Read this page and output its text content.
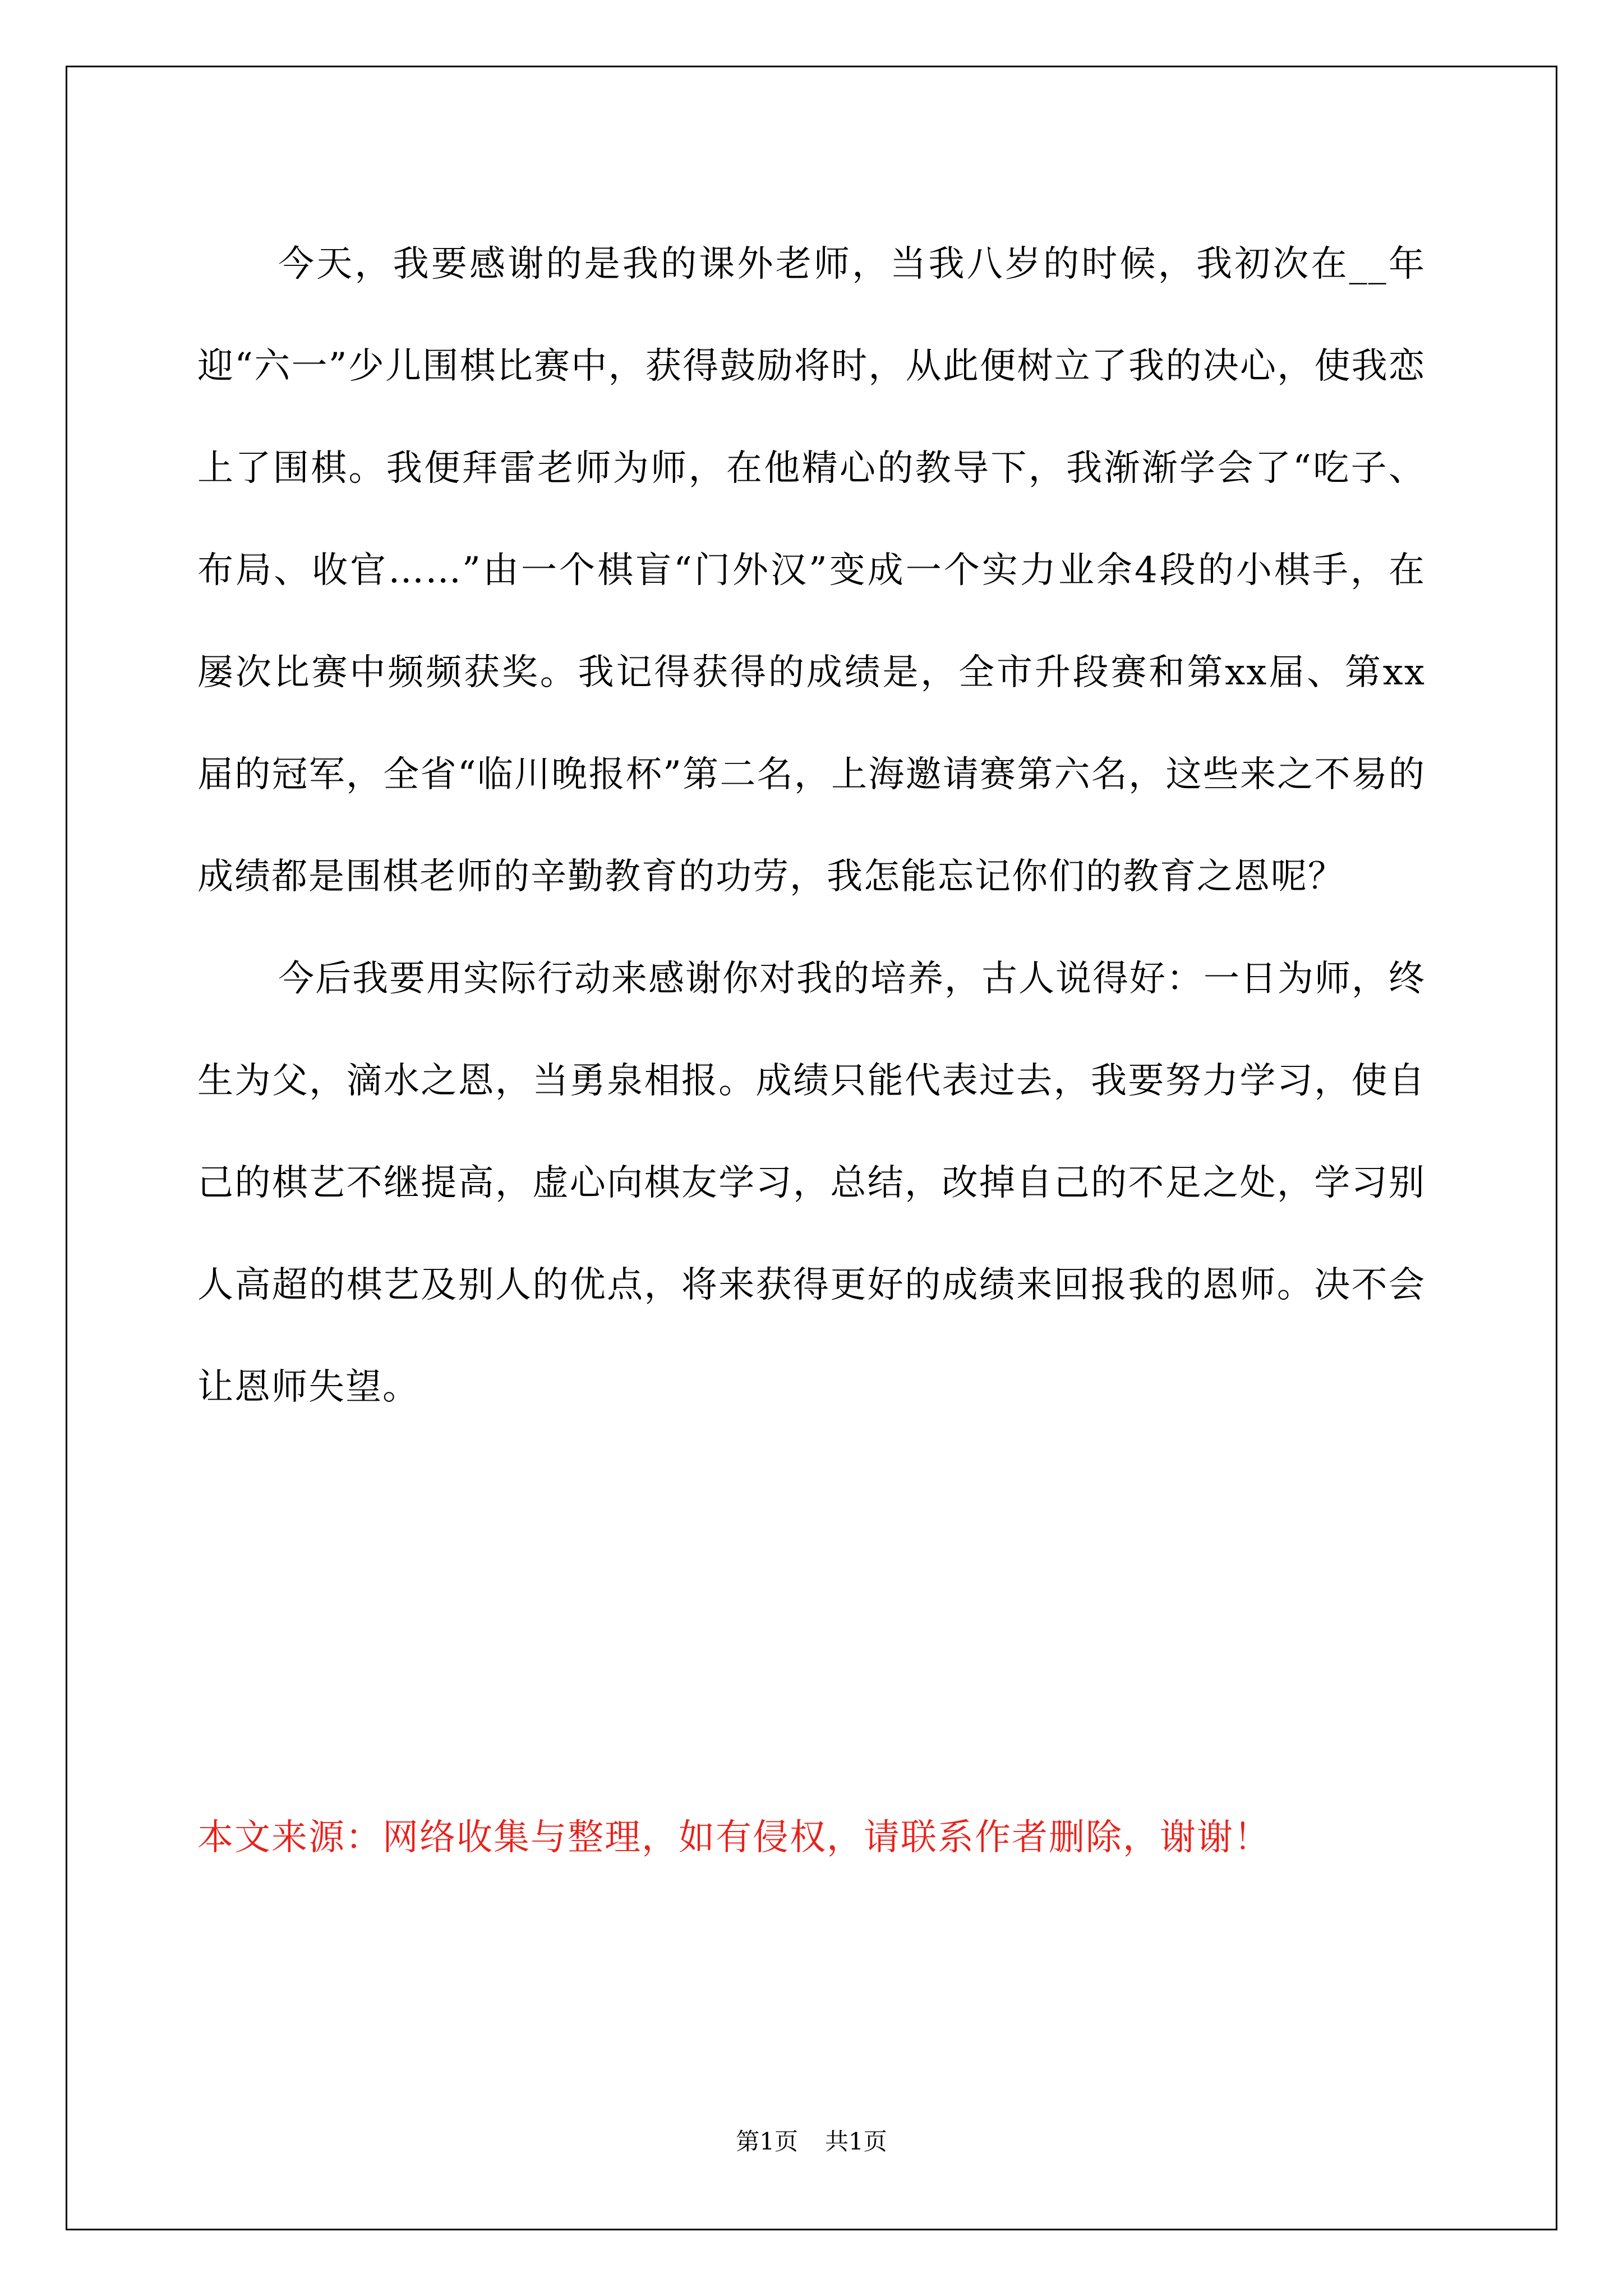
今天，我要感谢的是我的课外老师，当我八岁的时候，我初次在__年迎“六一”少儿围棋比赛中，获得鼓励将时，从此便树立了我的决心，使我恋上了围棋。我便拜雷老师为师，在他精心的教导下，我渐渐学会了“吃子、布局、收官……”由一个棋盲“门外汉”变成一个实力业余4段的小棋手，在屡次比赛中频频获奖。我记得获得的成绩是，全市升段赛和第xx届、第xx届的冠军，全省“临川晚报杯”第二名，上海邀请赛第六名，这些来之不易的成绩都是围棋老师的辛勤教育的功劳，我怎能忘记你们的教育之恩呢？

今后我要用实际行动来感谢你对我的培养，古人说得好：一日为师，终生为父，滴水之恩，当勇泉相报。成绩只能代表过去，我要努力学习，使自己的棋艺不继提高，虚心向棋友学习，总结，改掉自己的不足之处，学习别人高超的棋艺及别人的优点，将来获得更好的成绩来回报我的恩师。决不会让恩师失望。

本文来源：网络收集与整理，如有侵权，请联系作者删除，谢谢！

第1页 共1页
